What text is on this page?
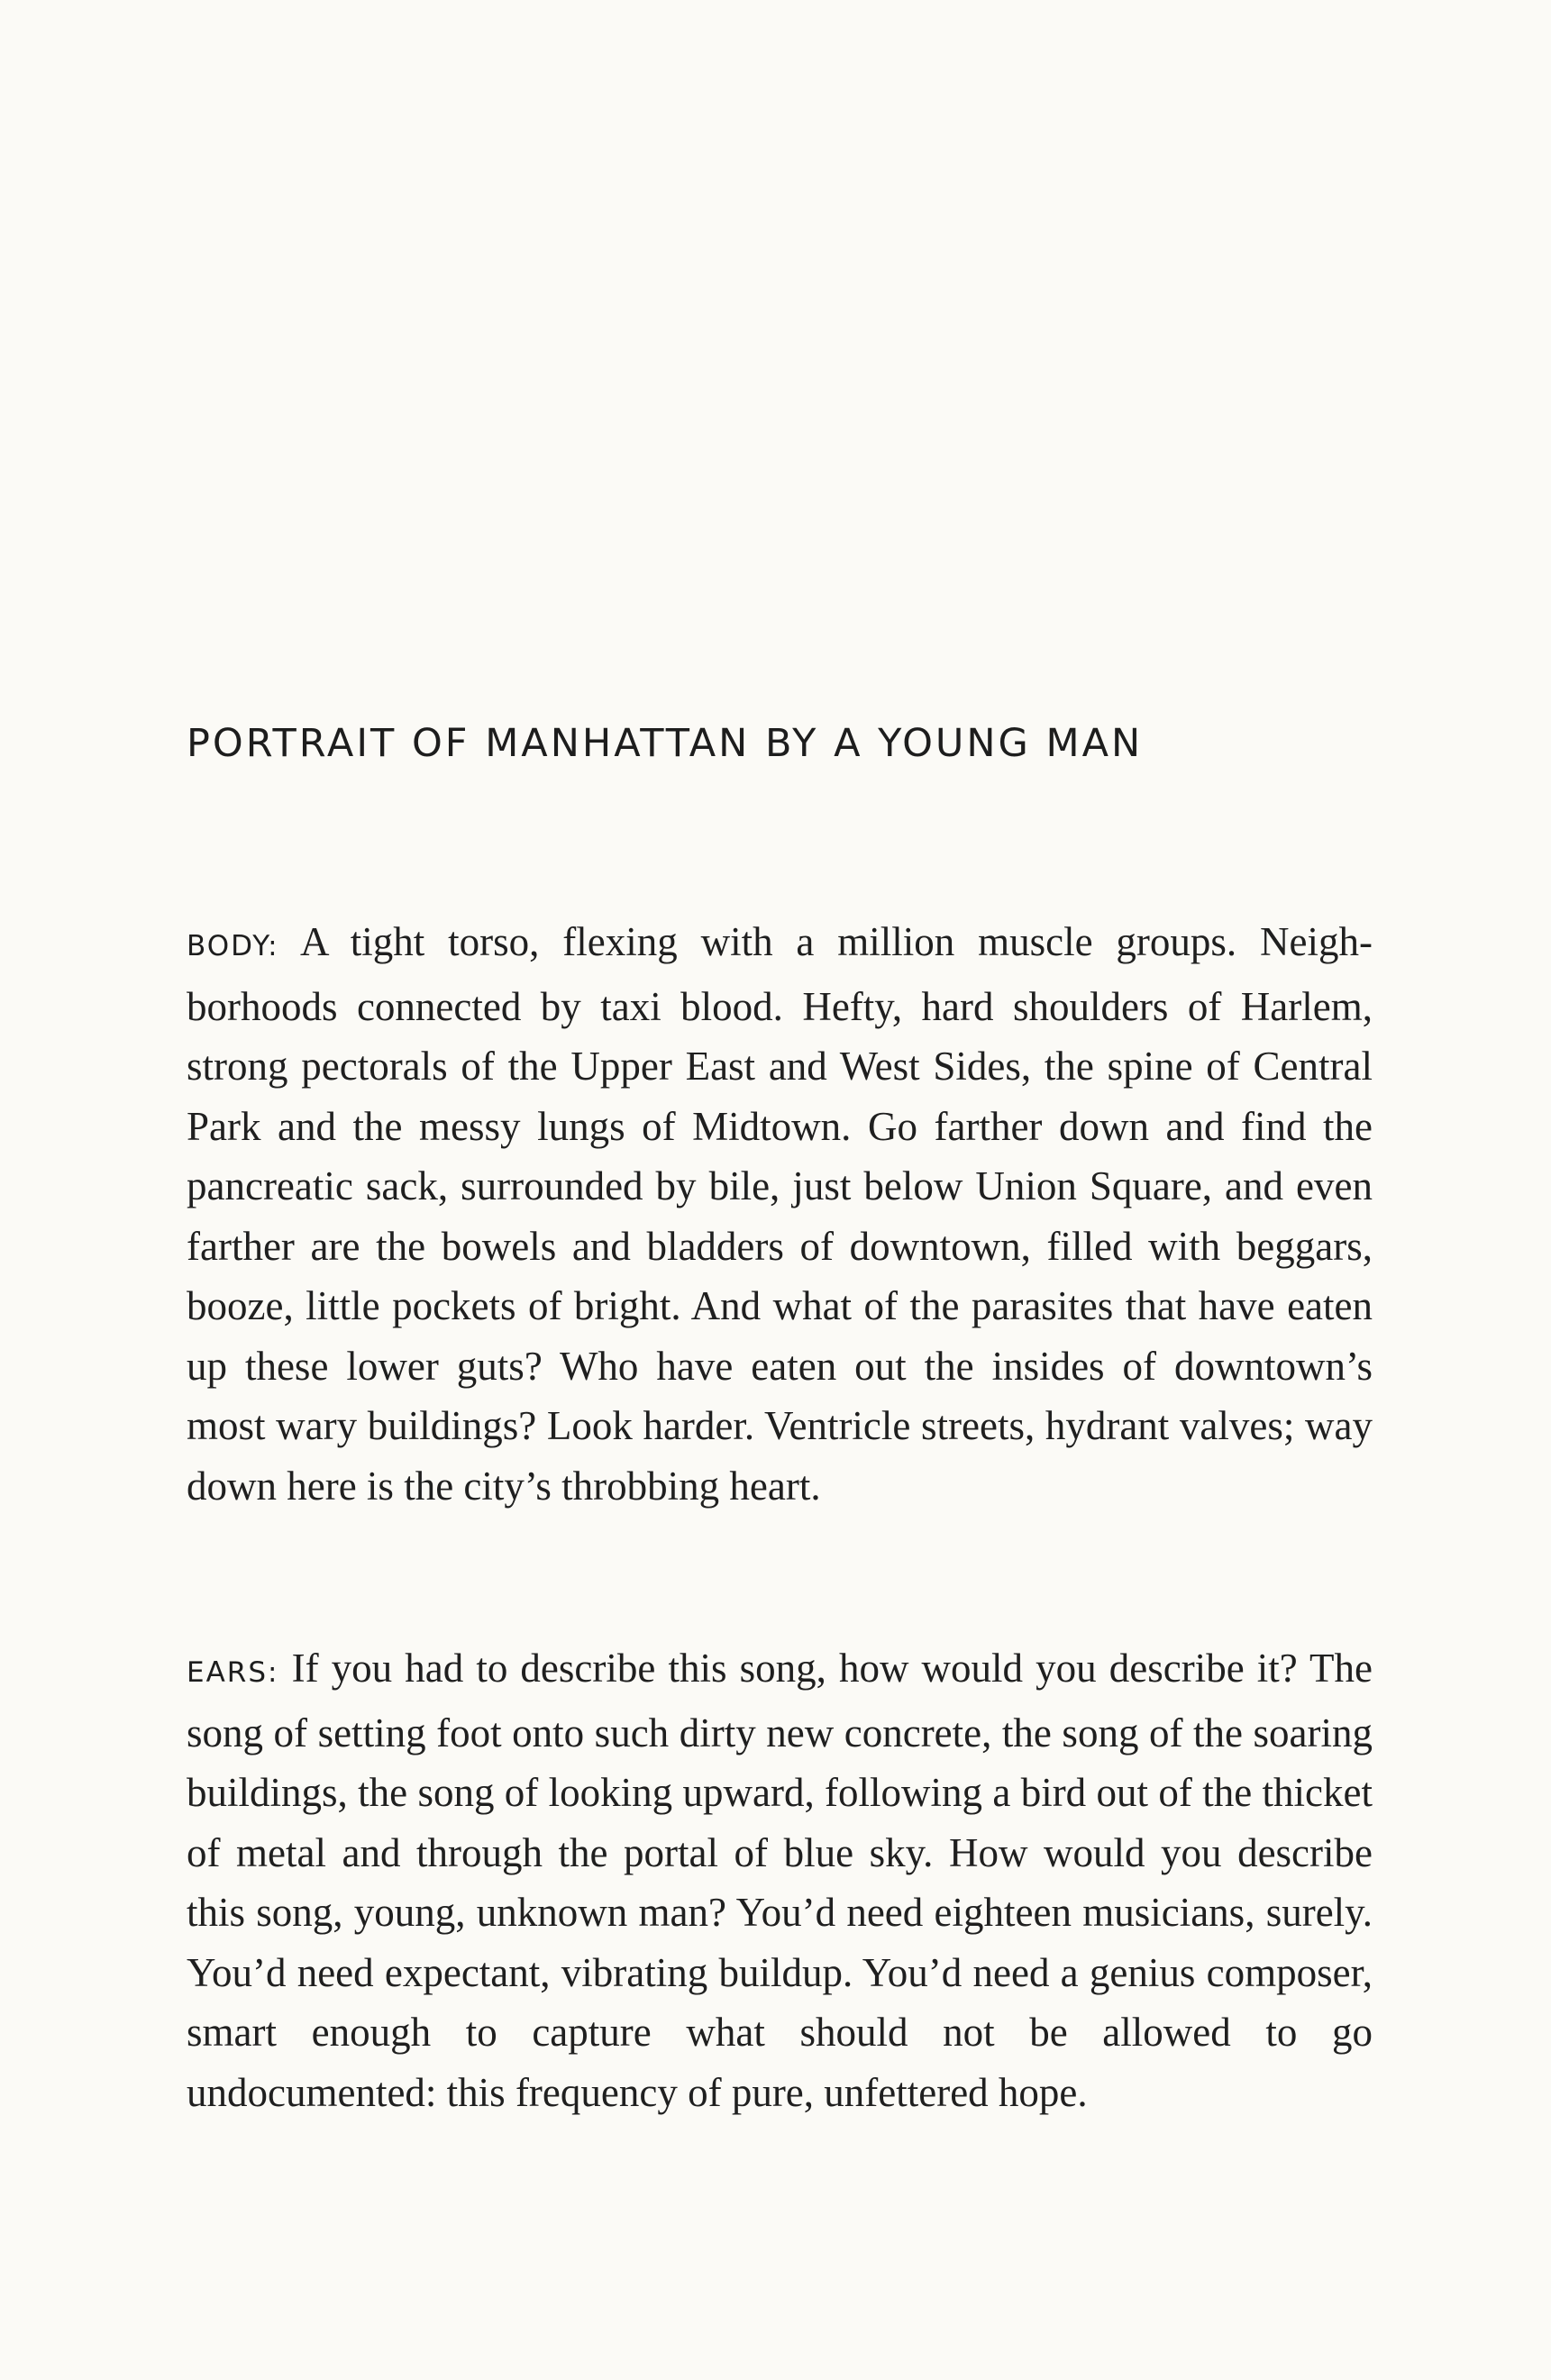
PORTRAIT OF MANHATTAN BY A YOUNG MAN

BODY: A tight torso, flexing with a million muscle groups. Neighborhoods connected by taxi blood. Hefty, hard shoulders of Harlem, strong pectorals of the Upper East and West Sides, the spine of Central Park and the messy lungs of Midtown. Go farther down and find the pancreatic sack, surrounded by bile, just below Union Square, and even farther are the bowels and bladders of downtown, filled with beggars, booze, little pockets of bright. And what of the parasites that have eaten up these lower guts? Who have eaten out the insides of downtown’s most wary buildings? Look harder. Ventricle streets, hydrant valves; way down here is the city’s throbbing heart.

EARS: If you had to describe this song, how would you describe it? The song of setting foot onto such dirty new concrete, the song of the soaring buildings, the song of looking upward, following a bird out of the thicket of metal and through the portal of blue sky. How would you describe this song, young, unknown man? You’d need eighteen musicians, surely. You’d need expectant, vibrating buildup. You’d need a genius composer, smart enough to capture what should not be allowed to go undocumented: this frequency of pure, unfettered hope.
